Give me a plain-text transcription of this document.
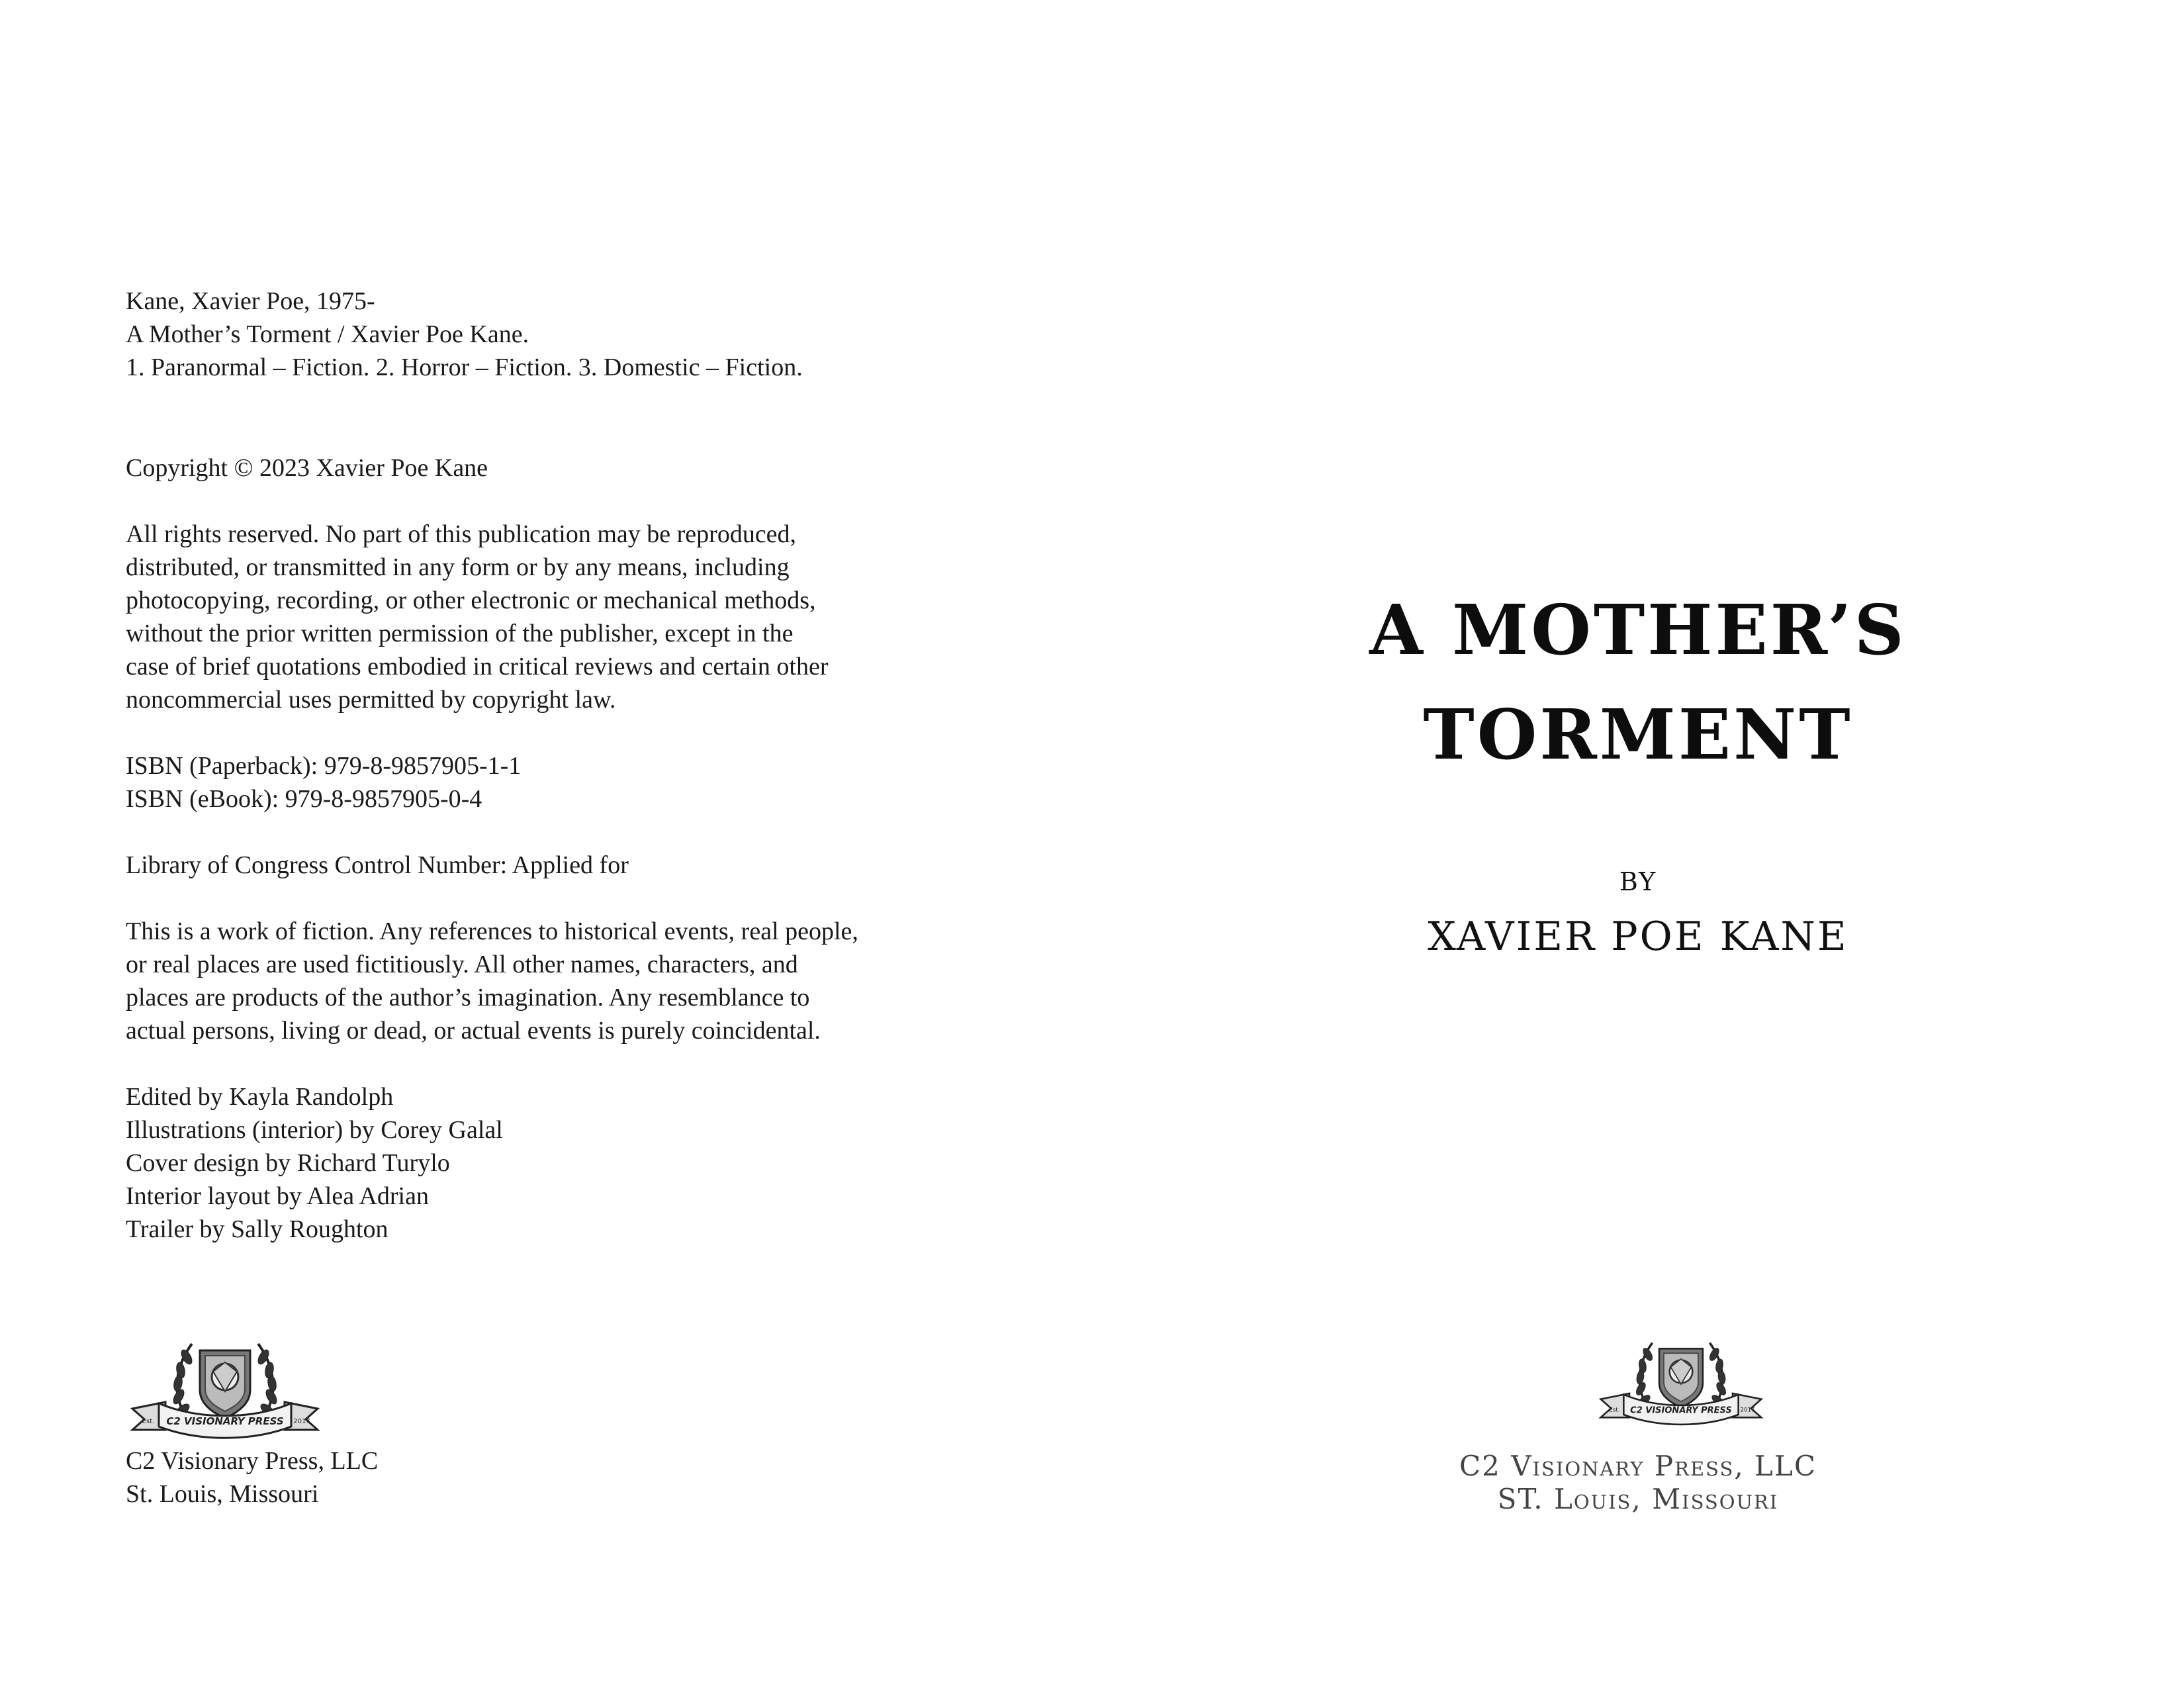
Kane, Xavier Poe, 1975-

A Mother’s Torment / Xavier Poe Kane.

1. Paranormal – Fiction. 2. Horror – Fiction. 3. Domestic – Fiction.

Copyright © 2023 Xavier Poe Kane

All rights reserved. No part of this publication may be reproduced,

distributed, or transmitted in any form or by any means, including

photocopying, recording, or other electronic or mechanical methods,

without the prior written permission of the publisher, except in the

case of brief quotations embodied in critical reviews and certain other

noncommercial uses permitted by copyright law.

ISBN (Paperback): 979-8-9857905-1-1

ISBN (eBook): 979-8-9857905-0-4

Library of Congress Control Number: Applied for

This is a work of fiction. Any references to historical events, real people,

or real places are used fictitiously. All other names, characters, and

places are products of the author’s imagination. Any resemblance to

actual persons, living or dead, or actual events is purely coincidental.

Edited by Kayla Randolph

Illustrations (interior) by Corey Galal

Cover design by Richard Turylo

Interior layout by Alea Adrian

Trailer by Sally Roughton

C2 VISIONARY PRESS
Est.	2017

C2 Visionary Press, LLC

St. Louis, Missouri

A MOTHER’S
TORMENT
BY
XAVIER POE KANE
C2 VISIONARY PRESS
Est.	2017

C2 Visionary Press, LLC

ST. Louis, Missouri
